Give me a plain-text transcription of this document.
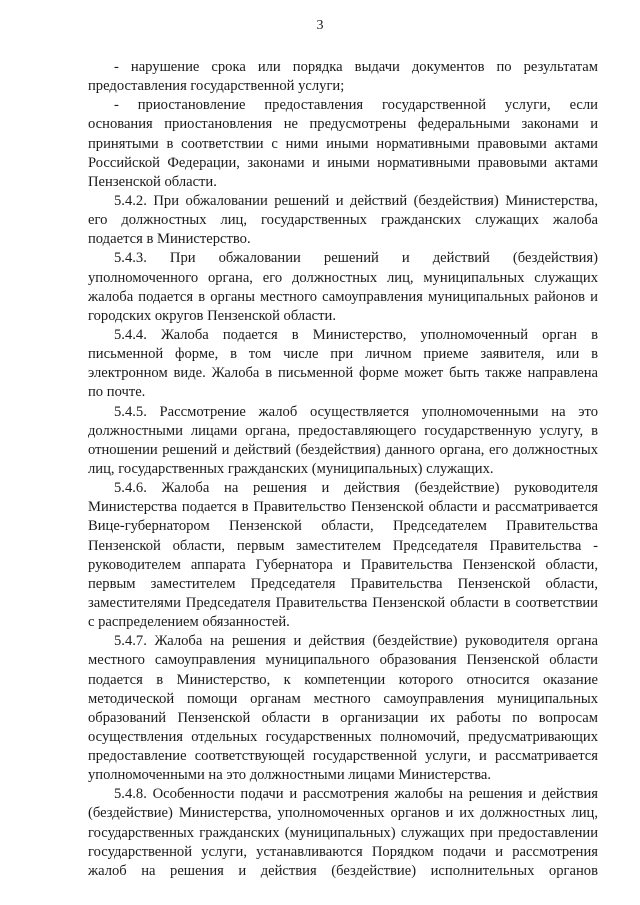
3
- нарушение срока или порядка выдачи документов по результатам
предоставления государственной услуги;
- приостановление предоставления государственной услуги, если
основания приостановления не предусмотрены федеральными законами и
принятыми в соответствии с ними иными нормативными правовыми актами
Российской Федерации, законами и иными нормативными правовыми актами
Пензенской области.
5.4.2. При обжаловании решений и действий (бездействия) Министерства,
его должностных лиц, государственных гражданских служащих жалоба
подается в Министерство.
5.4.3. При обжаловании решений и действий (бездействия)
уполномоченного органа, его должностных лиц, муниципальных служащих
жалоба подается в органы местного самоуправления муниципальных районов и
городских округов Пензенской области.
5.4.4. Жалоба подается в Министерство, уполномоченный орган в
письменной форме, в том числе при личном приеме заявителя, или в
электронном виде. Жалоба в письменной форме может быть также направлена
по почте.
5.4.5. Рассмотрение жалоб осуществляется уполномоченными на это
должностными лицами органа, предоставляющего государственную услугу, в
отношении решений и действий (бездействия) данного органа, его должностных
лиц, государственных гражданских (муниципальных) служащих.
5.4.6. Жалоба на решения и действия (бездействие) руководителя
Министерства подается в Правительство Пензенской области и рассматривается
Вице-губернатором Пензенской области, Председателем Правительства
Пензенской области, первым заместителем Председателя Правительства -
руководителем аппарата Губернатора и Правительства Пензенской области,
первым заместителем Председателя Правительства Пензенской области,
заместителями Председателя Правительства Пензенской области в соответствии
с распределением обязанностей.
5.4.7. Жалоба на решения и действия (бездействие) руководителя органа
местного самоуправления муниципального образования Пензенской области
подается в Министерство, к компетенции которого относится оказание
методической помощи органам местного самоуправления муниципальных
образований Пензенской области в организации их работы по вопросам
осуществления отдельных государственных полномочий, предусматривающих
предоставление соответствующей государственной услуги, и рассматривается
уполномоченными на это должностными лицами Министерства.
5.4.8. Особенности подачи и рассмотрения жалобы на решения и действия
(бездействие) Министерства, уполномоченных органов и их должностных лиц,
государственных гражданских (муниципальных) служащих при предоставлении
государственной услуги, устанавливаются Порядком подачи и рассмотрения
жалоб на решения и действия (бездействие) исполнительных органов
